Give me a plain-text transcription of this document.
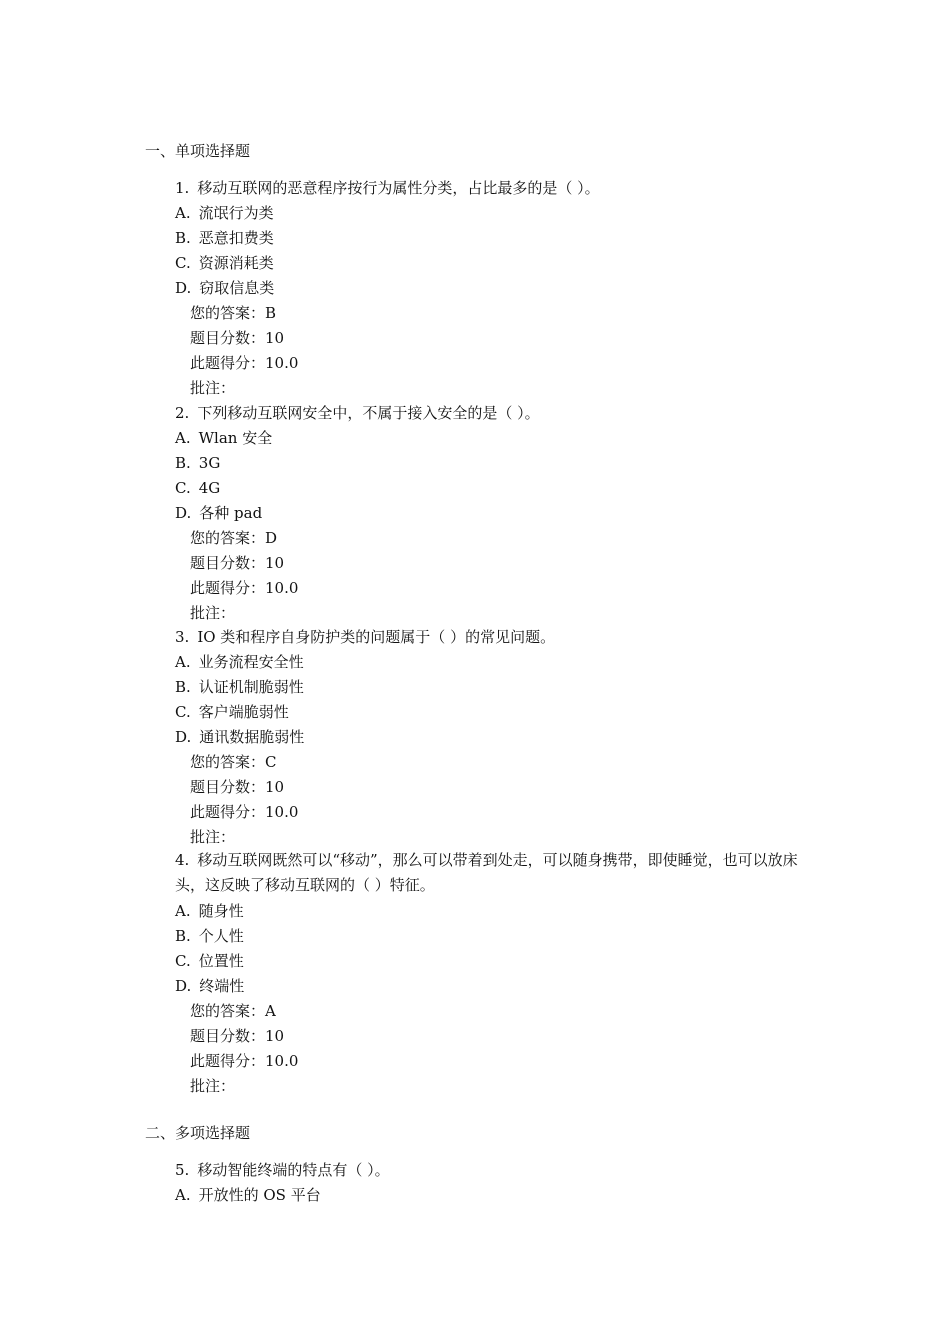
一、单项选择题
1. 移动互联网的恶意程序按行为属性分类，占比最多的是（ ）。
A. 流氓行为类
B. 恶意扣费类
C. 资源消耗类
D. 窃取信息类
您的答案：B
题目分数：10
此题得分：10.0
批注：
2. 下列移动互联网安全中，不属于接入安全的是（ ）。
A. Wlan 安全
B. 3G
C. 4G
D. 各种 pad
您的答案：D
题目分数：10
此题得分：10.0
批注：
3. IO 类和程序自身防护类的问题属于（ ）的常见问题。
A. 业务流程安全性
B. 认证机制脆弱性
C. 客户端脆弱性
D. 通讯数据脆弱性
您的答案：C
题目分数：10
此题得分：10.0
批注：
4. 移动互联网既然可以“移动”，那么可以带着到处走，可以随身携带，即使睡觉，也可以放床头，这反映了移动互联网的（ ）特征。
A. 随身性
B. 个人性
C. 位置性
D. 终端性
您的答案：A
题目分数：10
此题得分：10.0
批注：
二、多项选择题
5. 移动智能终端的特点有（ ）。
A. 开放性的 OS 平台
